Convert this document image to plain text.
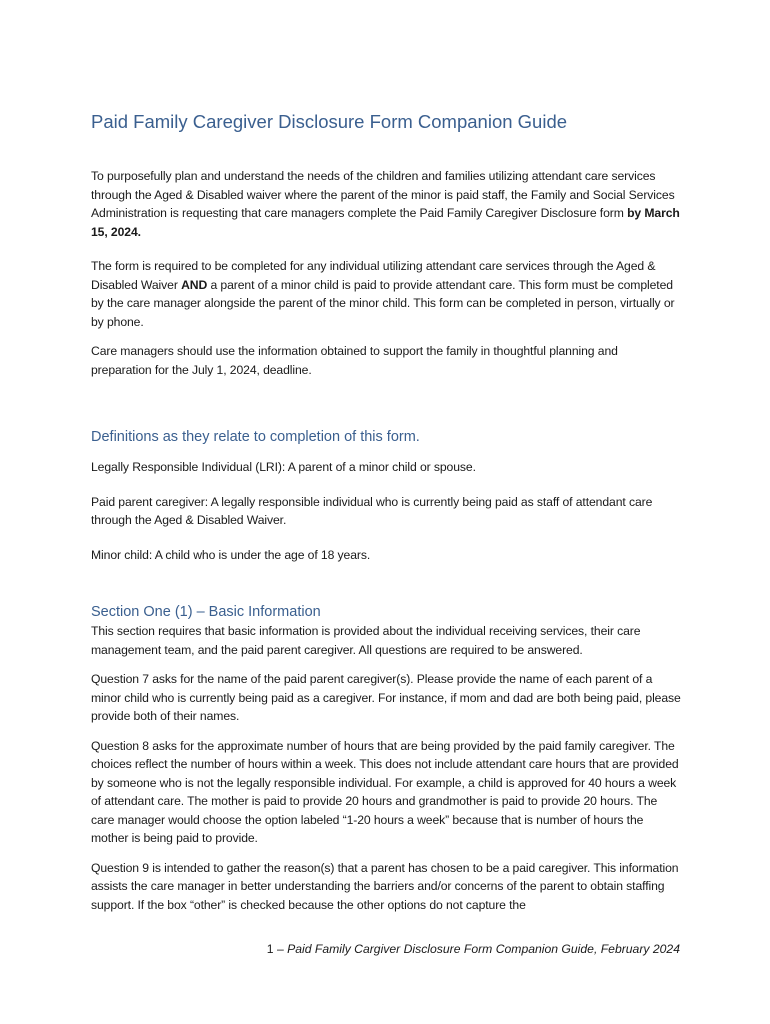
Paid Family Caregiver Disclosure Form Companion Guide

To purposefully plan and understand the needs of the children and families utilizing attendant care services through the Aged & Disabled waiver where the parent of the minor is paid staff, the Family and Social Services Administration is requesting that care managers complete the Paid Family Caregiver Disclosure form by March 15, 2024.

The form is required to be completed for any individual utilizing attendant care services through the Aged & Disabled Waiver AND a parent of a minor child is paid to provide attendant care. This form must be completed by the care manager alongside the parent of the minor child. This form can be completed in person, virtually or by phone.

Care managers should use the information obtained to support the family in thoughtful planning and preparation for the July 1, 2024, deadline.

Definitions as they relate to completion of this form.

Legally Responsible Individual (LRI): A parent of a minor child or spouse.

Paid parent caregiver: A legally responsible individual who is currently being paid as staff of attendant care through the Aged & Disabled Waiver.

Minor child: A child who is under the age of 18 years.

Section One (1) – Basic Information

This section requires that basic information is provided about the individual receiving services, their care management team, and the paid parent caregiver. All questions are required to be answered.

Question 7 asks for the name of the paid parent caregiver(s). Please provide the name of each parent of a minor child who is currently being paid as a caregiver. For instance, if mom and dad are both being paid, please provide both of their names.

Question 8 asks for the approximate number of hours that are being provided by the paid family caregiver. The choices reflect the number of hours within a week. This does not include attendant care hours that are provided by someone who is not the legally responsible individual. For example, a child is approved for 40 hours a week of attendant care. The mother is paid to provide 20 hours and grandmother is paid to provide 20 hours. The care manager would choose the option labeled “1-20 hours a week” because that is number of hours the mother is being paid to provide.

Question 9 is intended to gather the reason(s) that a parent has chosen to be a paid caregiver. This information assists the care manager in better understanding the barriers and/or concerns of the parent to obtain staffing support. If the box “other” is checked because the other options do not capture the

1 – Paid Family Cargiver Disclosure Form Companion Guide, February 2024
